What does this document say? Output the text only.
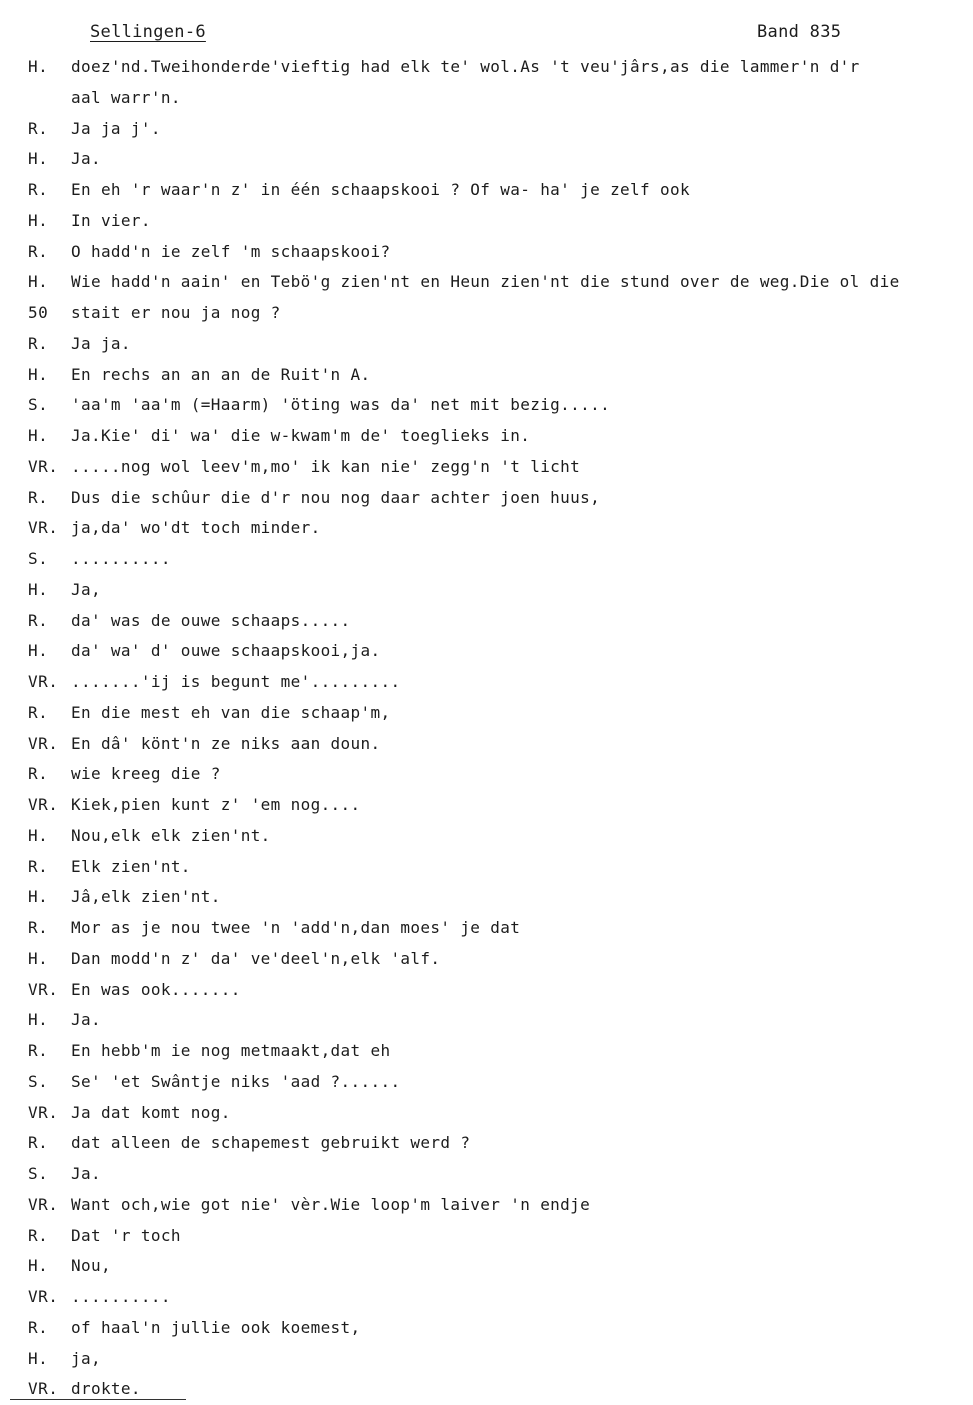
Sellingen-6	Band 835
H. doez'nd.Tweihonderde'vieftig had elk te' wol.As 't veu'jârs,as die lammer'n d'r
aal warr'n.
R. Ja ja j'.
H. Ja.
R. En eh 'r waar'n z' in één schaapskooi ? Of wa- ha' je zelf ook
H. In vier.
R. O hadd'n ie zelf 'm schaapskooi?
H. Wie hadd'n aain' en Tebö'g zien'nt en Heun zien'nt die stund over de weg.Die ol die
50 stait er nou ja nog ?
R. Ja ja.
H. En rechs an an an de Ruit'n A.
S. 'aa'm 'aa'm (=Haarm) 'öting was da' net mit bezig.....
H. Ja.Kie' di' wa' die w-kwam'm de' toeglieks in.
VR. .....nog wol leev'm,mo' ik kan nie' zegg'n 't licht
R. Dus die schûur die d'r nou nog daar achter joen huus,
VR. ja,da' wo'dt toch minder.
S. ..........
H. Ja,
R. da' was de ouwe schaaps.....
H. da' wa' d' ouwe schaapskooi,ja.
VR. .......'ij is begunt me'.........
R. En die mest eh van die schaap'm,
VR. En dâ' könt'n ze niks aan doun.
R. wie kreeg die ?
VR. Kiek,pien kunt z' 'em nog....
H. Nou,elk elk zien'nt.
R. Elk zien'nt.
H. Jâ,elk zien'nt.
R. Mor as je nou twee 'n 'add'n,dan moes' je dat
H. Dan modd'n z' da' ve'deel'n,elk 'alf.
VR. En was ook.......
H. Ja.
R. En hebb'm ie nog metmaakt,dat eh
S. Se' 'et Swântje niks 'aad ?......
VR. Ja dat komt nog.
R. dat alleen de schapemest gebruikt werd ?
S. Ja.
VR. Want och,wie got nie' vèr.Wie loop'm laiver 'n endje
R. Dat 'r toch
H. Nou,
VR. ..........
R. of haal'n jullie ook koemest,
H. ja,
VR. drokte.
